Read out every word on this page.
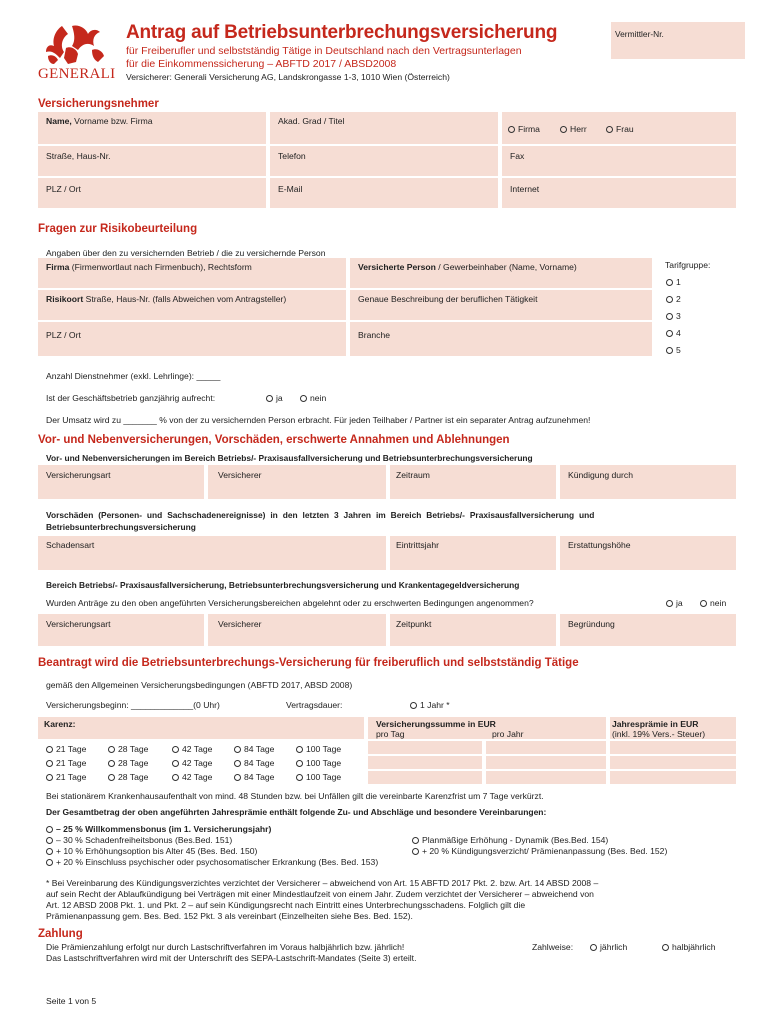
GENERALI
Antrag auf Betriebsunterbrechungsversicherung
für Freiberufler und selbstständig Tätige in Deutschland nach den Vertragsunterlagen
für die Einkommenssicherung – ABFTD 2017 / ABSD2008
Versicherer: Generali Versicherung AG, Landskrongasse 1-3, 1010 Wien (Österreich)
Vermittler-Nr.
Versicherungsnehmer
Name, Vorname bzw. Firma	Akad. Grad / Titel
Firma	Herr	Frau
Straße, Haus-Nr.	Telefon	Fax
PLZ / Ort	E-Mail	Internet
Fragen zur Risikobeurteilung
Angaben über den zu versichernden Betrieb / die zu versichernde Person
Firma (Firmenwortlaut nach Firmenbuch), Rechtsform	Versicherte Person / Gewerbeinhaber (Name, Vorname)	Tarifgruppe:
1
2
3
4
5
Risikoort Straße, Haus-Nr. (falls Abweichen vom Antragsteller)	Genaue Beschreibung der beruflichen Tätigkeit
PLZ / Ort	Branche
Anzahl Dienstnehmer (exkl. Lehrlinge): _____
Ist der Geschäftsbetrieb ganzjährig aufrecht:	ja	nein
Der Umsatz wird zu _______ % von der zu versichernden Person erbracht. Für jeden Teilhaber / Partner ist ein separater Antrag aufzunehmen!
Vor- und Nebenversicherungen, Vorschäden, erschwerte Annahmen und Ablehnungen
Vor- und Nebenversicherungen im Bereich Betriebs/- Praxisausfallversicherung und Betriebsunterbrechungsversicherung
Versicherungsart	Versicherer	Zeitraum	Kündigung durch
Vorschäden (Personen- und Sachschadenereignisse) in den letzten 3 Jahren im Bereich Betriebs/- Praxisausfallversicherung und
Betriebsunterbrechungsversicherung
Schadensart	Eintrittsjahr	Erstattungshöhe
Bereich Betriebs/- Praxisausfallversicherung, Betriebsunterbrechungsversicherung und Krankentagegeldversicherung
Wurden Anträge zu den oben angeführten Versicherungsbereichen abgelehnt oder zu erschwerten Bedingungen angenommen?	ja	nein
Versicherungsart	Versicherer	Zeitpunkt	Begründung
Beantragt wird die Betriebsunterbrechungs-Versicherung für freiberuflich und selbstständig Tätige
gemäß den Allgemeinen Versicherungsbedingungen (ABFTD 2017, ABSD 2008)
Versicherungsbeginn: _____________(0 Uhr)	Vertragsdauer:	1 Jahr *
Karenz:	Versicherungssumme in EUR
pro Tag	pro Jahr
Jahresprämie in EUR
(inkl. 19% Vers.- Steuer)
21 Tage	28 Tage	42 Tage	84 Tage	100 Tage
21 Tage	28 Tage	42 Tage	84 Tage	100 Tage
21 Tage	28 Tage	42 Tage	84 Tage	100 Tage
Bei stationärem Krankenhausaufenthalt von mind. 48 Stunden bzw. bei Unfällen gilt die vereinbarte Karenzfrist um 7 Tage verkürzt.
Der Gesamtbetrag der oben angeführten Jahresprämie enthält folgende Zu- und Abschläge und besondere Vereinbarungen:
– 25 % Willkommensbonus (im 1. Versicherungsjahr)
– 30 % Schadenfreiheitsbonus (Bes.Bed. 151)
+ 10 % Erhöhungsoption bis Alter 45 (Bes. Bed. 150)
+ 20 % Einschluss psychischer oder psychosomatischer Erkrankung (Bes. Bed. 153)
Planmäßige Erhöhung - Dynamik (Bes.Bed. 154)
+ 20 % Kündigungsverzicht/ Prämienanpassung (Bes. Bed. 152)
* Bei Vereinbarung des Kündigungsverzichtes verzichtet der Versicherer – abweichend von Art. 15 ABFTD 2017 Pkt. 2. bzw. Art. 14 ABSD 2008 –
auf sein Recht der Ablaufkündigung bei Verträgen mit einer Mindestlaufzeit von einem Jahr. Zudem verzichtet der Versicherer – abweichend von
Art. 12 ABSD 2008 Pkt. 1. und Pkt. 2 – auf sein Kündigungsrecht nach Eintritt eines Unterbrechungsschadens. Folglich gilt die
Prämienanpassung gem. Bes. Bed. 152 Pkt. 3 als vereinbart (Einzelheiten siehe Bes. Bed. 152).
Zahlung
Die Prämienzahlung erfolgt nur durch Lastschriftverfahren im Voraus halbjährlich bzw. jährlich!
Das Lastschriftverfahren wird mit der Unterschrift des SEPA-Lastschrift-Mandates (Seite 3) erteilt.
Zahlweise:	jährlich	halbjährlich
Seite 1 von 5
